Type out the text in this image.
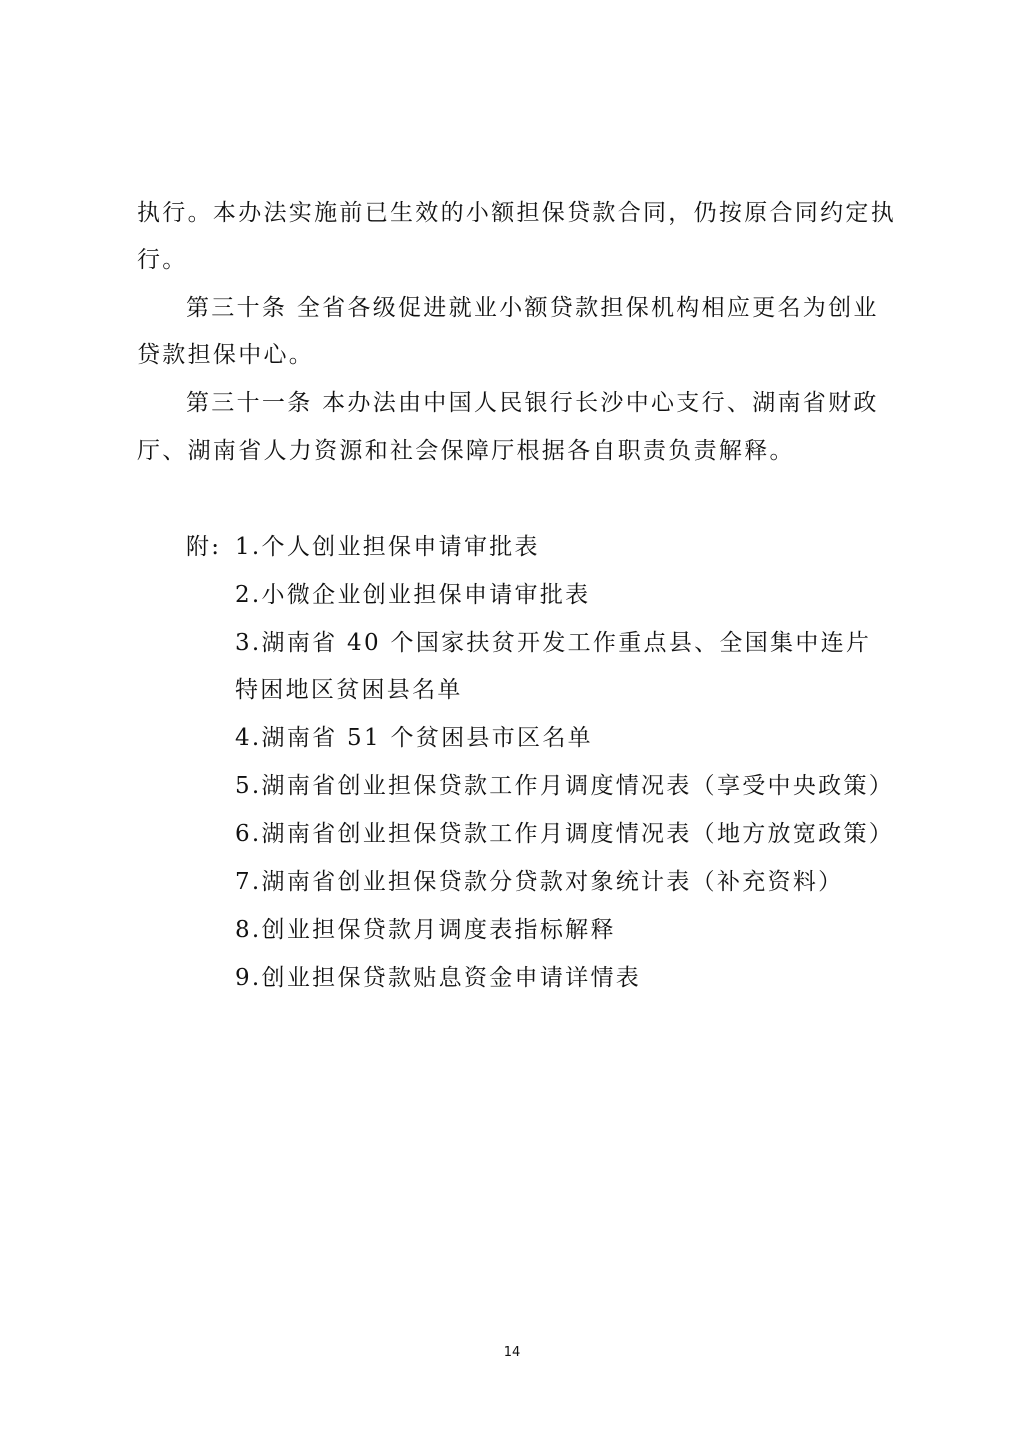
执行。本办法实施前已生效的小额担保贷款合同，仍按原合同约定执
行。
第三十条 全省各级促进就业小额贷款担保机构相应更名为创业
贷款担保中心。
第三十一条 本办法由中国人民银行长沙中心支行、湖南省财政
厅、湖南省人力资源和社会保障厅根据各自职责负责解释。
附: 1.个人创业担保申请审批表
2.小微企业创业担保申请审批表
3.湖南省 40 个国家扶贫开发工作重点县、全国集中连片
特困地区贫困县名单
4.湖南省 51 个贫困县市区名单
5.湖南省创业担保贷款工作月调度情况表（享受中央政策）
6.湖南省创业担保贷款工作月调度情况表（地方放宽政策）
7.湖南省创业担保贷款分贷款对象统计表（补充资料）
8.创业担保贷款月调度表指标解释
9.创业担保贷款贴息资金申请详情表
14
